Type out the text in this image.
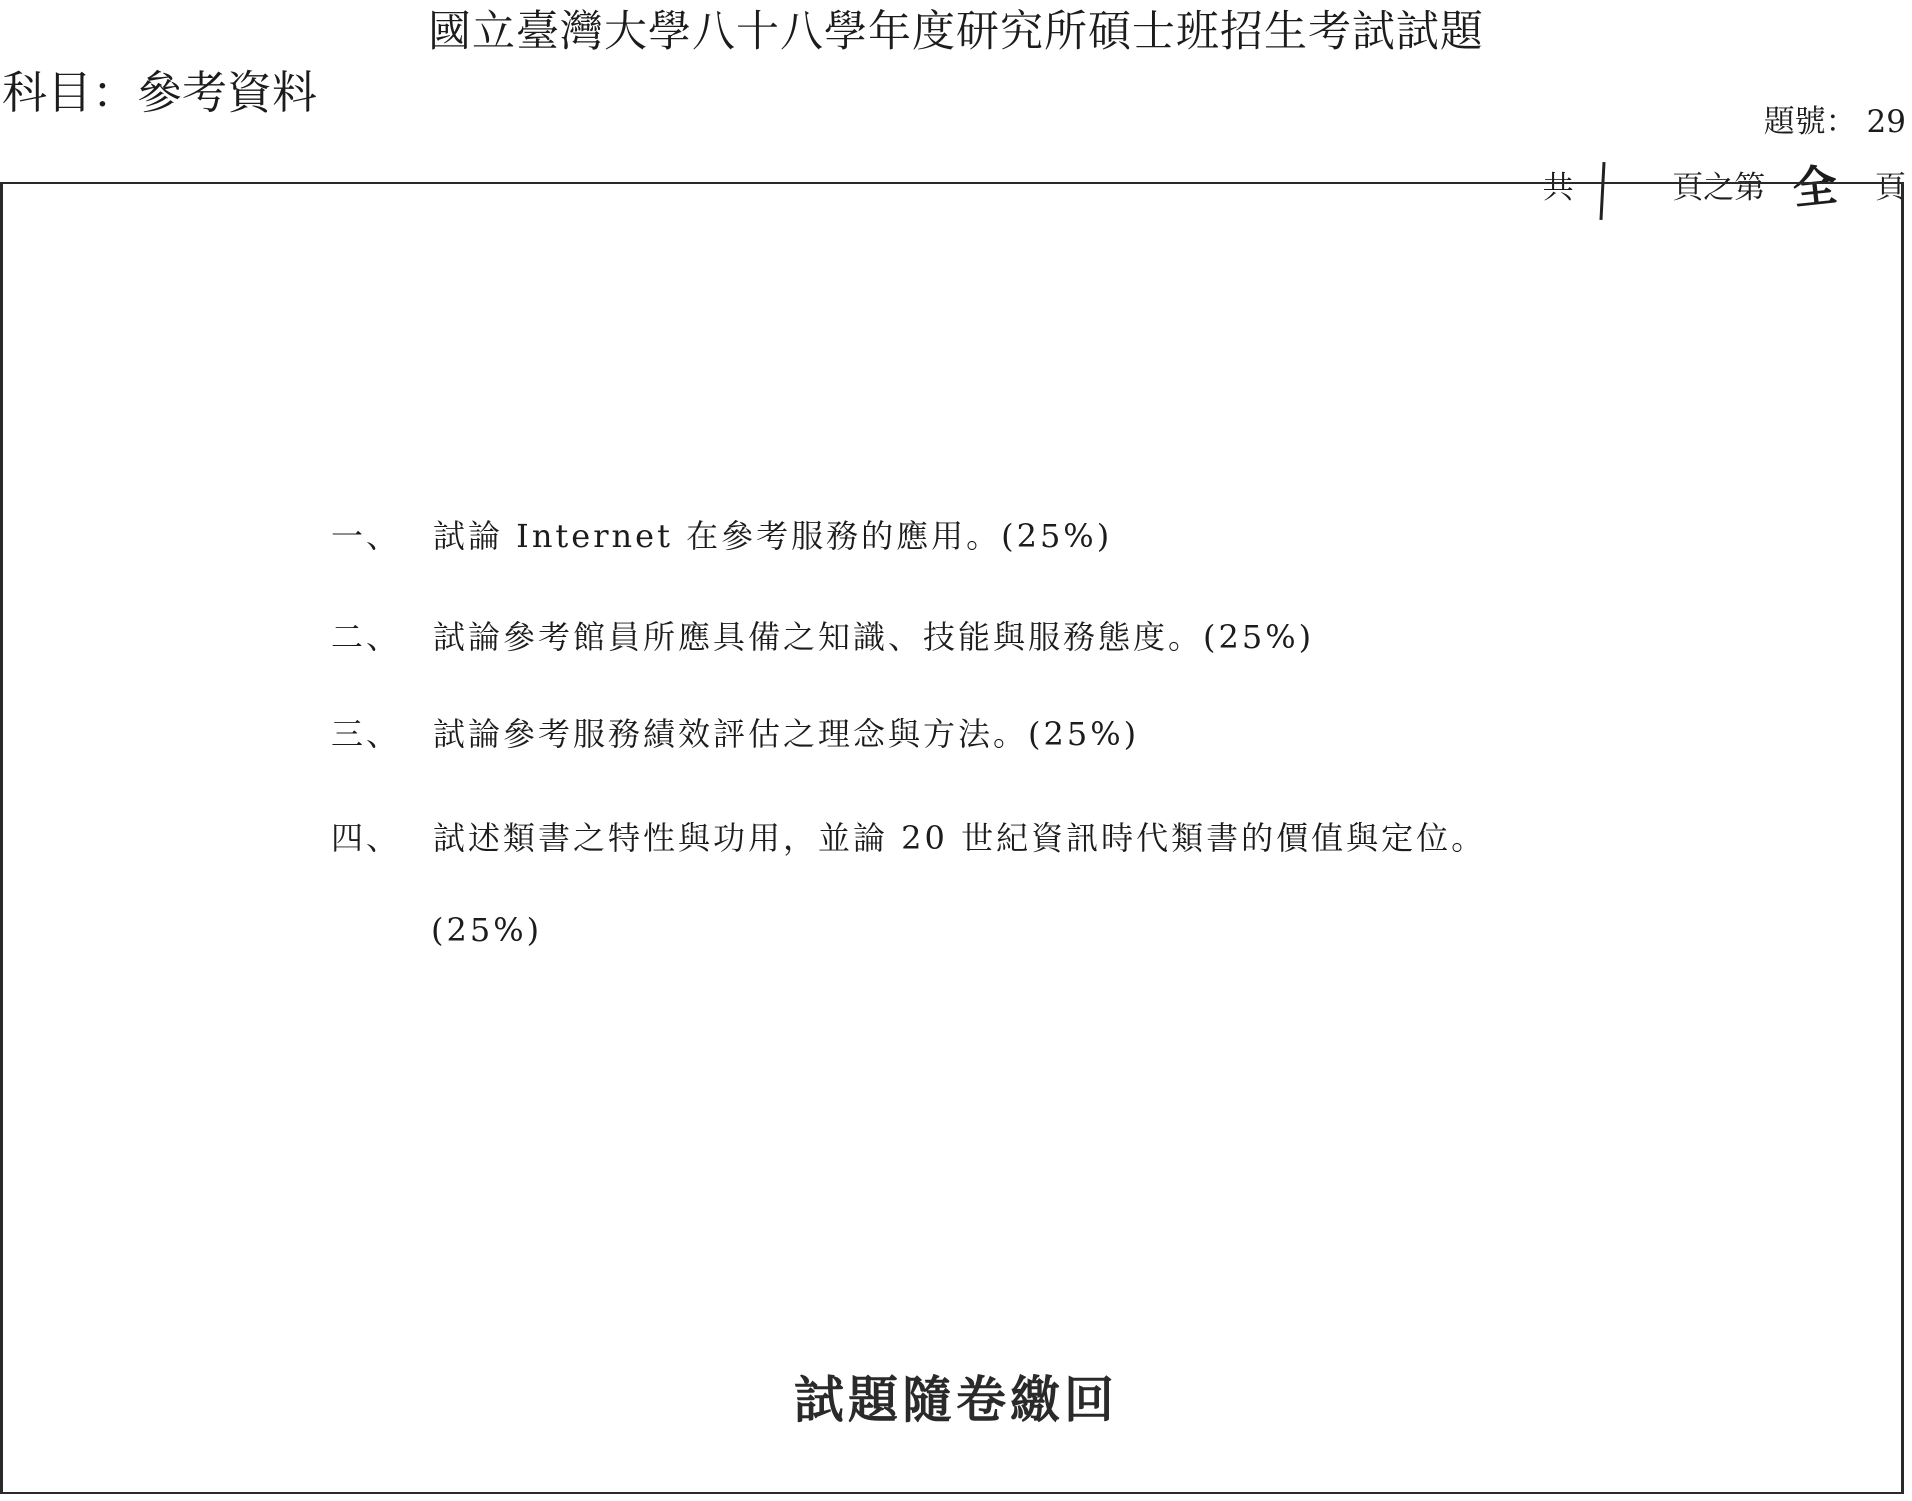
國立臺灣大學八十八學年度研究所碩士班招生考試試題
科目：參考資料
題號： 29
共	頁之第 全 頁
一、 試論 Internet 在參考服務的應用。(25%)
二、 試論參考館員所應具備之知識、技能與服務態度。(25%)
三、 試論參考服務績效評估之理念與方法。(25%)
四、 試述類書之特性與功用，並論 20 世紀資訊時代類書的價值與定位。
(25%)
試題隨卷繳回
